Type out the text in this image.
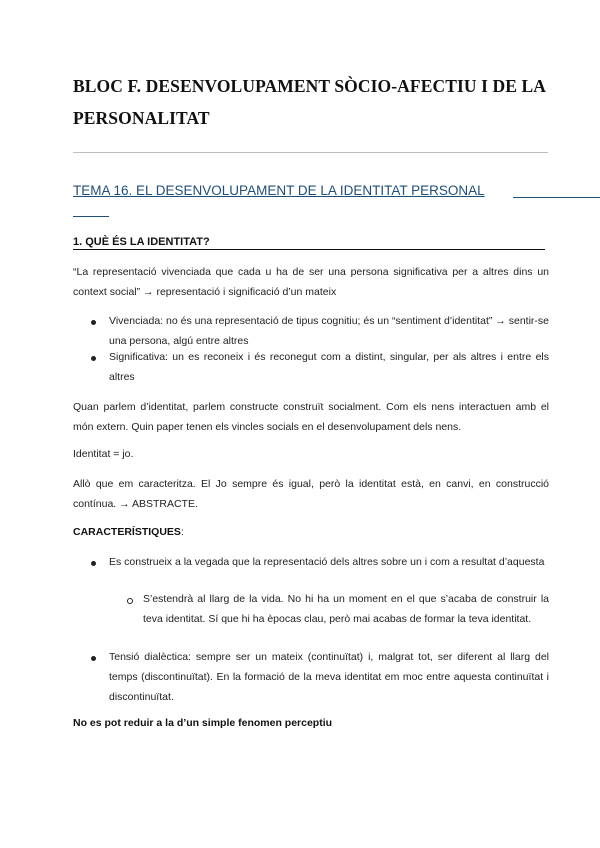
BLOC F. DESENVOLUPAMENT SÒCIO-AFECTIU I DE LA PERSONALITAT
TEMA 16. EL DESENVOLUPAMENT DE LA IDENTITAT PERSONAL
1. QUÈ ÉS LA IDENTITAT?
“La representació vivenciada que cada u ha de ser una persona significativa per a altres dins un context social” → representació i significació d’un mateix
Vivenciada: no és una representació de tipus cognitiu; és un “sentiment d’identitat” → sentir-se una persona, algú entre altres
Significativa: un es reconeix i és reconegut com a distint, singular, per als altres i entre els altres
Quan parlem d’identitat, parlem constructe construït socialment. Com els nens interactuen amb el món extern. Quin paper tenen els vincles socials en el desenvolupament dels nens.
Identitat = jo.
Allò que em caracteritza. El Jo sempre és igual, però la identitat està, en canvi, en construcció contínua. → ABSTRACTE.
CARACTERÍSTIQUES:
Es construeix a la vegada que la representació dels altres sobre un i com a resultat d’aquesta
S’estendrà al llarg de la vida. No hi ha un moment en el que s’acaba de construir la teva identitat. Sí que hi ha èpocas clau, però mai acabas de formar la teva identitat.
Tensió dialèctica: sempre ser un mateix (continuïtat) i, malgrat tot, ser diferent al llarg del temps (discontinuïtat). En la formació de la meva identitat em moc entre aquesta continuïtat i discontinuïtat.
No es pot reduir a la d’un simple fenomen perceptiu
